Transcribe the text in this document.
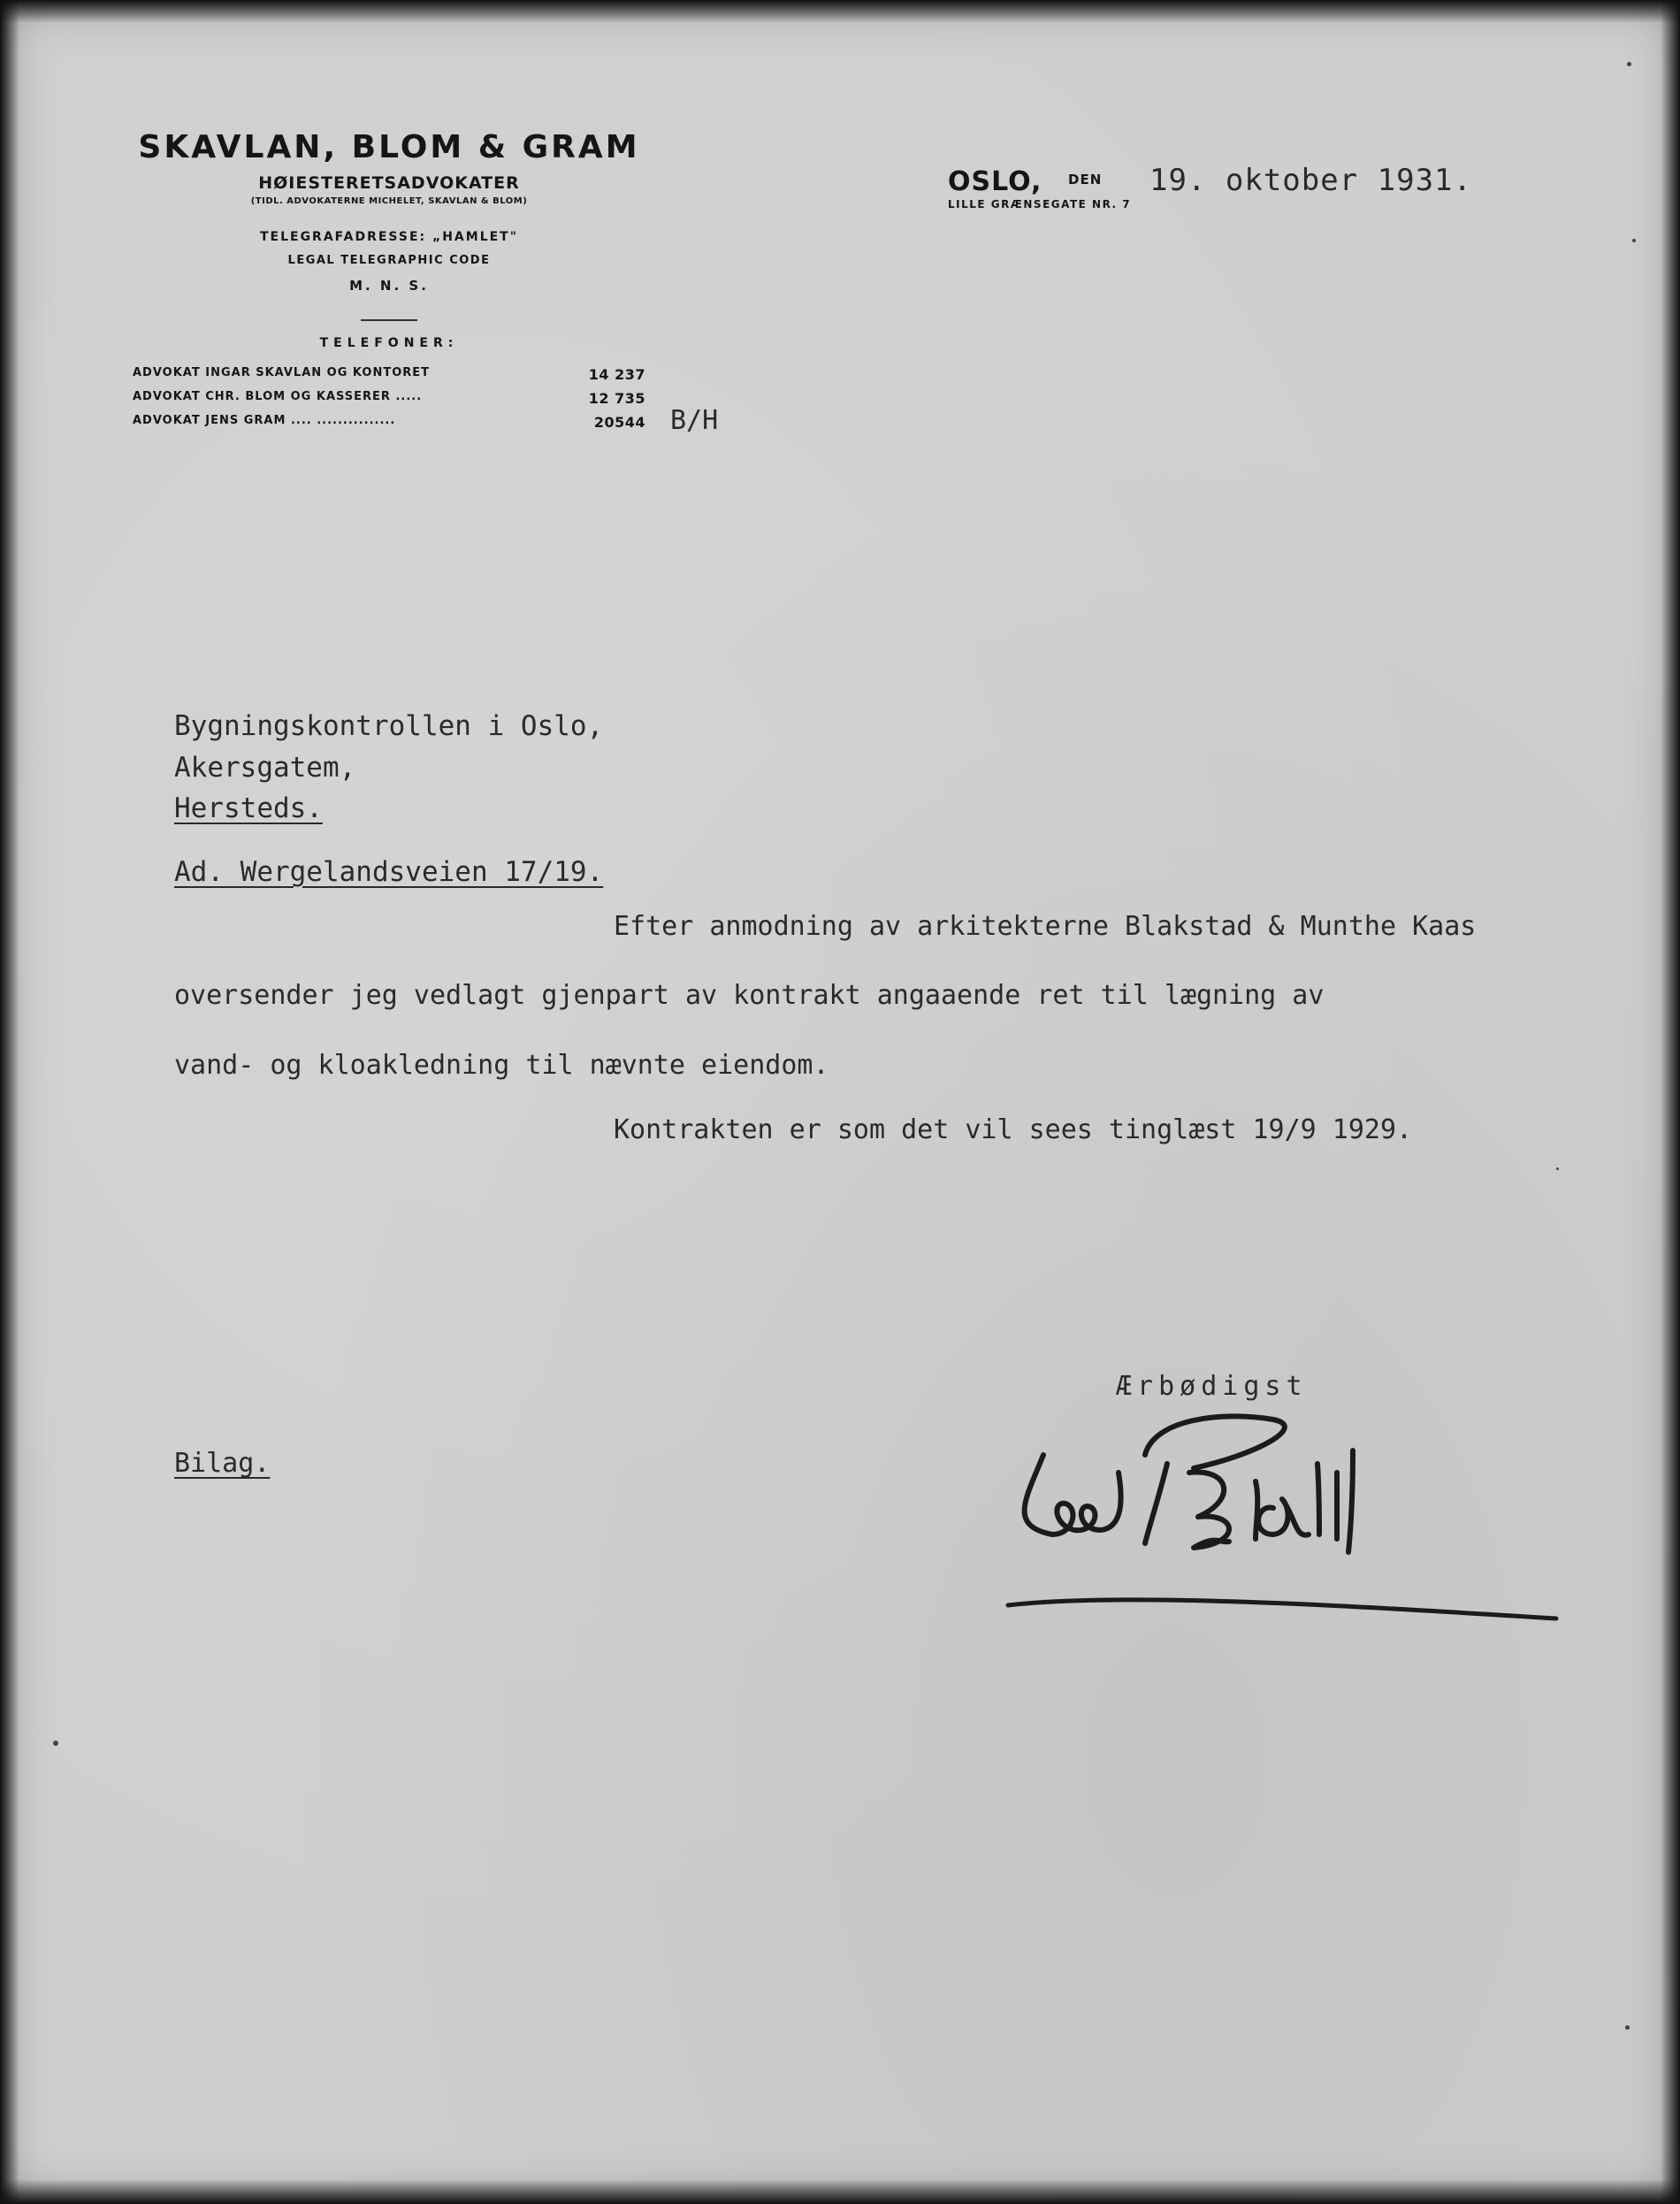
SKAVLAN, BLOM & GRAM
HØIESTERETSADVOKATER
(TIDL. ADVOKATERNE MICHELET, SKAVLAN & BLOM)
TELEGRAFADRESSE: „HAMLET"
LEGAL TELEGRAPHIC CODE
M. N. S.
TELEFONER:
ADVOKAT INGAR SKAVLAN OG KONTORET	14 237
ADVOKAT CHR. BLOM OG KASSERER .....	12 735
ADVOKAT JENS GRAM .... ...............	20544
OSLO, DEN
LILLE GRÆNSEGATE NR. 7
19. oktober 1931.
B/H
Bygningskontrollen i Oslo,
Akersgatem,
Hersteds.
Ad. Wergelandsveien 17/19.
Efter anmodning av arkitekterne Blakstad & Munthe Kaas
oversender jeg vedlagt gjenpart av kontrakt angaaende ret til lægning av
vand- og kloakledning til nævnte eiendom.
Kontrakten er som det vil sees tinglæst 19/9 1929.
Ærbødigst
Bilag.
